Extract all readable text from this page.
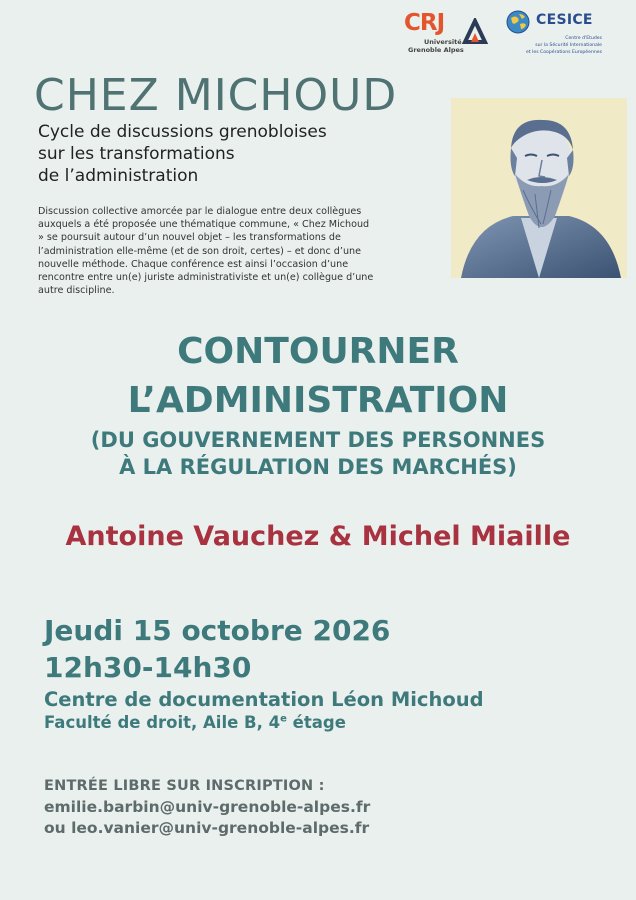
CRJ
Université
Grenoble Alpes
CESICE
Centre d'Etudes
sur la Sécurité Internationale
et les Coopérations Européennes
CHEZ MICHOUD
Cycle de discussions grenobloises
sur les transformations
de l’administration
Discussion collective amorcée par le dialogue entre deux collègues auxquels a été proposée une thématique commune, « Chez Michoud » se poursuit autour d’un nouvel objet – les transformations de l’administration elle-même (et de son droit, certes) – et donc d’une nouvelle méthode. Chaque conférence est ainsi l’occasion d’une rencontre entre un(e) juriste administrativiste et un(e) collègue d’une autre discipline.
CONTOURNER
L’ADMINISTRATION
(DU GOUVERNEMENT DES PERSONNES
À LA RÉGULATION DES MARCHÉS)
Antoine Vauchez & Michel Miaille
Jeudi 15 octobre 2026
12h30-14h30
Centre de documentation Léon Michoud
Faculté de droit, Aile B, 4e étage
ENTRÉE LIBRE SUR INSCRIPTION :
emilie.barbin@univ-grenoble-alpes.fr
ou leo.vanier@univ-grenoble-alpes.fr
